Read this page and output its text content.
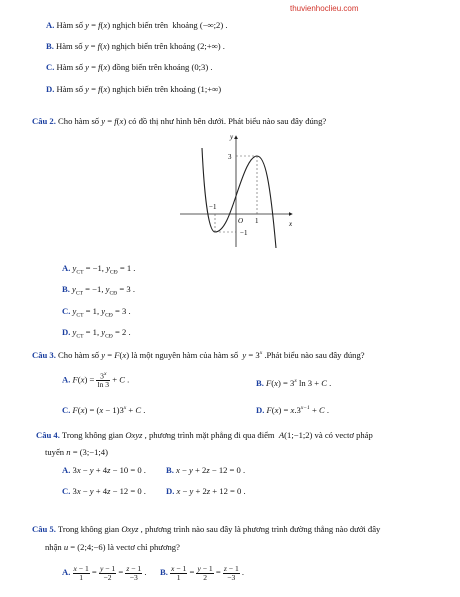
thuvienhoclieu.com
A. Hàm số y = f(x) nghịch biến trên  khoảng (−∞;2) .
B. Hàm số y = f(x) nghịch biến trên khoảng (2;+∞) .
C. Hàm số y = f(x) đồng biến trên khoảng (0;3) .
D. Hàm số y = f(x) nghịch biến trên khoảng (1;+∞)
Câu 2. Cho hàm số y = f(x) có đồ thị như hình bên dưới. Phát biểu nào sau đây đúng?
y
x
3
O 1
−1
−1
A. $y_{CT} = -1$, $y_{CĐ} = 1$ .
B. $y_{CT} = -1$, $y_{CĐ} = 3$ .
C. $y_{CT} = 1$, $y_{CĐ} = 3$ .
D. $y_{CT} = 1$, $y_{CĐ} = 2$ .
Câu 3. Cho hàm số y = F(x) là một nguyên hàm của hàm số  $y = 3^x$ .Phát biểu nào sau đây đúng?
A. $F(x) = \frac{3^x}{\ln 3} + C$ .	B. $F(x) = 3^x$ ln 3 + C .
C. $F(x) = (x - 1)3^x + C$ .	D. $F(x) = x.3^{x-1} + C$ .
Câu 4. Trong không gian Oxyz , phương trình mặt phẳng đi qua điểm  A(1;−1;2) và có vectơ pháp
tuyến n = (3;−1;4)
A. 3x − y + 4z − 10 = 0 . B. x − y + 2z − 12 = 0 .
C. 3x − y + 4z − 12 = 0 . D. x − y + 2z + 12 = 0 .
Câu 5. Trong không gian Oxyz , phương trình nào sau đây là phương trình đường thẳng nào dưới đây
nhận u = (2;4;−6) là vectơ chỉ phương?
A. $\frac{x - 1}{1} = \frac{y - 1}{-2} = \frac{z - 1}{-3}$ . B. $\frac{x - 1}{1} = \frac{y - 1}{2} = \frac{z - 1}{-3}$ .
